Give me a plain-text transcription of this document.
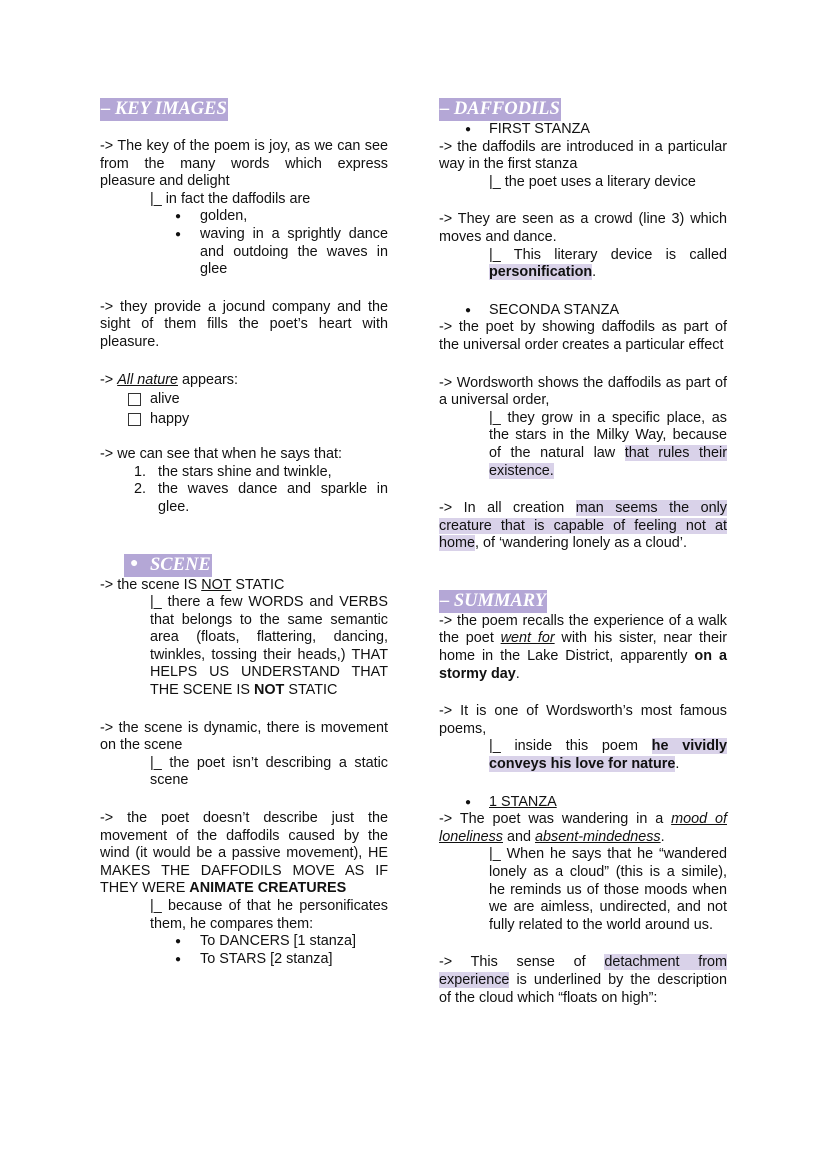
– KEY IMAGES

-> The key of the poem is joy, as we can see from the many words which express pleasure and delight

|_ in fact the daffodils are

● golden,
● waving in a sprightly dance and outdoing the waves in glee

-> they provide a jocund company and the sight of them fills the poet’s heart with pleasure.

-> All nature appears:

alive
happy

-> we can see that when he says that:

1. the stars shine and twinkle,
2. the waves dance and sparkle in glee.
● SCENE

-> the scene IS NOT STATIC

|_ there a few WORDS and VERBS that belongs to the same semantic area (floats, flattering, dancing, twinkles, tossing their heads,) THAT HELPS US UNDERSTAND THAT THE SCENE IS NOT STATIC

-> the scene is dynamic, there is movement on the scene

|_ the poet isn’t describing a static scene

-> the poet doesn’t describe just the movement of the daffodils caused by the wind (it would be a passive movement), HE MAKES THE DAFFODILS MOVE AS IF THEY WERE ANIMATE CREATURES

|_ because of that he personificates them, he compares them:

● To DANCERS [1 stanza]
● To STARS [2 stanza]
– DAFFODILS

● FIRST STANZA

-> the daffodils are introduced in a particular way in the first stanza

|_ the poet uses a literary device

-> They are seen as a crowd (line 3) which moves and dance.

|_ This literary device is called personification.

● SECONDA STANZA

-> the poet by showing daffodils as part of the universal order creates a particular effect

-> Wordsworth shows the daffodils as part of a universal order,

|_ they grow in a specific place, as the stars in the Milky Way, because of the natural law that rules their existence.

-> In all creation man seems the only creature that is capable of feeling not at home, of ‘wandering lonely as a cloud’.

– SUMMARY

-> the poem recalls the experience of a walk the poet went for with his sister, near their home in the Lake District, apparently on a stormy day.

-> It is one of Wordsworth’s most famous poems,

|_ inside this poem he vividly conveys his love for nature.

● 1 STANZA

-> The poet was wandering in a mood of loneliness and absent-mindedness.

|_ When he says that he “wandered lonely as a cloud” (this is a simile), he reminds us of those moods when we are aimless, undirected, and not fully related to the world around us.

-> This sense of detachment from experience is underlined by the description of the cloud which “floats on high”:
